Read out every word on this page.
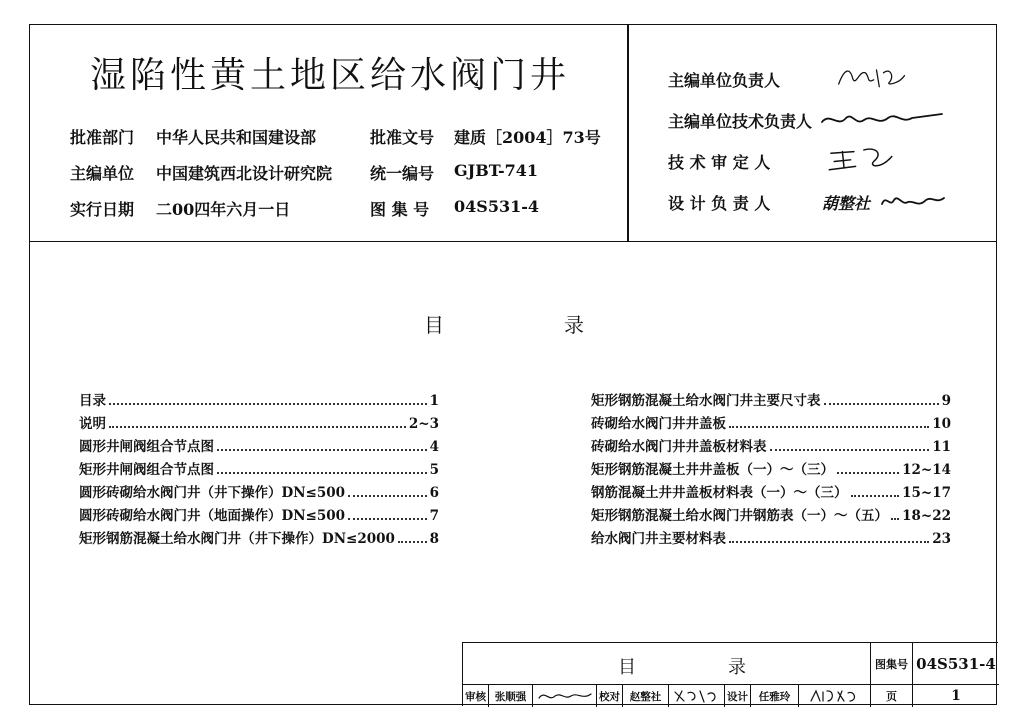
湿陷性黄土地区给水阀门井
批准部门	中华人民共和国建设部	批准文号	建质［2004］73号
主编单位	中国建筑西北设计研究院	统一编号	GJBT-741
实行日期	二00四年六月一日	图 集 号	04S531-4
主编单位负责人
主编单位技术负责人
技 术 审 定 人
设 计 负 责 人	葫整社
目	录
目录	1
说明	2~3
圆形井闸阀组合节点图	4
矩形井闸阀组合节点图	5
圆形砖砌给水阀门井（井下操作）DN≤500	6
圆形砖砌给水阀门井（地面操作）DN≤500	7
矩形钢筋混凝土给水阀门井（井下操作）DN≤2000	8
矩形钢筋混凝土给水阀门井主要尺寸表	9
砖砌给水阀门井井盖板	10
砖砌给水阀门井井盖板材料表	11
矩形钢筋混凝土井井盖板（一）～（三）	12~14
钢筋混凝土井井盖板材料表（一）～（三）	15~17
矩形钢筋混凝土给水阀门井钢筋表（一）～（五） 18~22
给水阀门井主要材料表	23
目	录	图集号 04S531-4
审核 张顺强	校对 赵整社	设计	任雅玲	页	1
